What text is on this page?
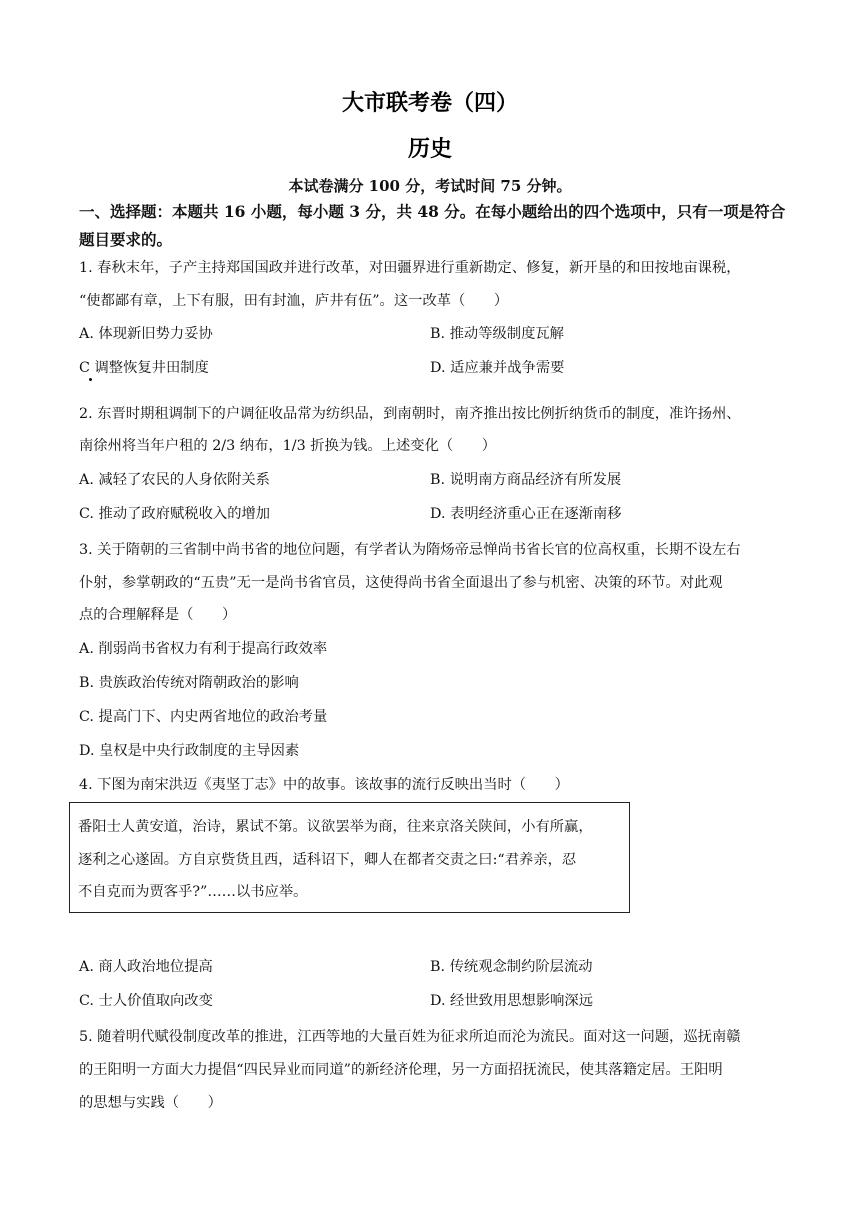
大市联考卷（四）
历史
本试卷满分 100 分，考试时间 75 分钟。
一、选择题：本题共 16 小题，每小题 3 分，共 48 分。在每小题给出的四个选项中，只有一项是符合题目要求的。
1. 春秋末年，子产主持郑国国政并进行改革，对田疆界进行重新勘定、修复，新开垦的和田按地亩课税，
“使都鄙有章，上下有服，田有封洫，庐井有伍”。这一改革（　　）
A. 体现新旧势力妥协	B. 推动等级制度瓦解
C 调整恢复井田制度	D. 适应兼并战争需要
2. 东晋时期租调制下的户调征收品常为纺织品，到南朝时，南齐推出按比例折纳货币的制度，准许扬州、
南徐州将当年户租的 2/3 纳布，1/3 折换为钱。上述变化（　　）
A. 减轻了农民的人身依附关系	B. 说明南方商品经济有所发展
C. 推动了政府赋税收入的增加	D. 表明经济重心正在逐渐南移
3. 关于隋朝的三省制中尚书省的地位问题，有学者认为隋炀帝忌惮尚书省长官的位高权重，长期不设左右
仆射，参掌朝政的“五贵”无一是尚书省官员，这使得尚书省全面退出了参与机密、决策的环节。对此观
点的合理解释是（　　）
A. 削弱尚书省权力有利于提高行政效率
B. 贵族政治传统对隋朝政治的影响
C. 提高门下、内史两省地位的政治考量
D. 皇权是中央行政制度的主导因素
4. 下图为南宋洪迈《夷坚丁志》中的故事。该故事的流行反映出当时（　　）
番阳士人黄安道，治诗，累试不第。议欲罢举为商，往来京洛关陕间，小有所赢，
逐利之心遂固。方自京赀货且西，适科诏下，卿人在都者交责之曰:“君养亲，忍
不自克而为贾客乎?”……以书应举。
A. 商人政治地位提高	B. 传统观念制约阶层流动
C. 士人价值取向改变	D. 经世致用思想影响深远
5. 随着明代赋役制度改革的推进，江西等地的大量百姓为征求所迫而沦为流民。面对这一问题，巡抚南赣
的王阳明一方面大力提倡“四民异业而同道”的新经济伦理，另一方面招抚流民，使其落籍定居。王阳明
的思想与实践（　　）
